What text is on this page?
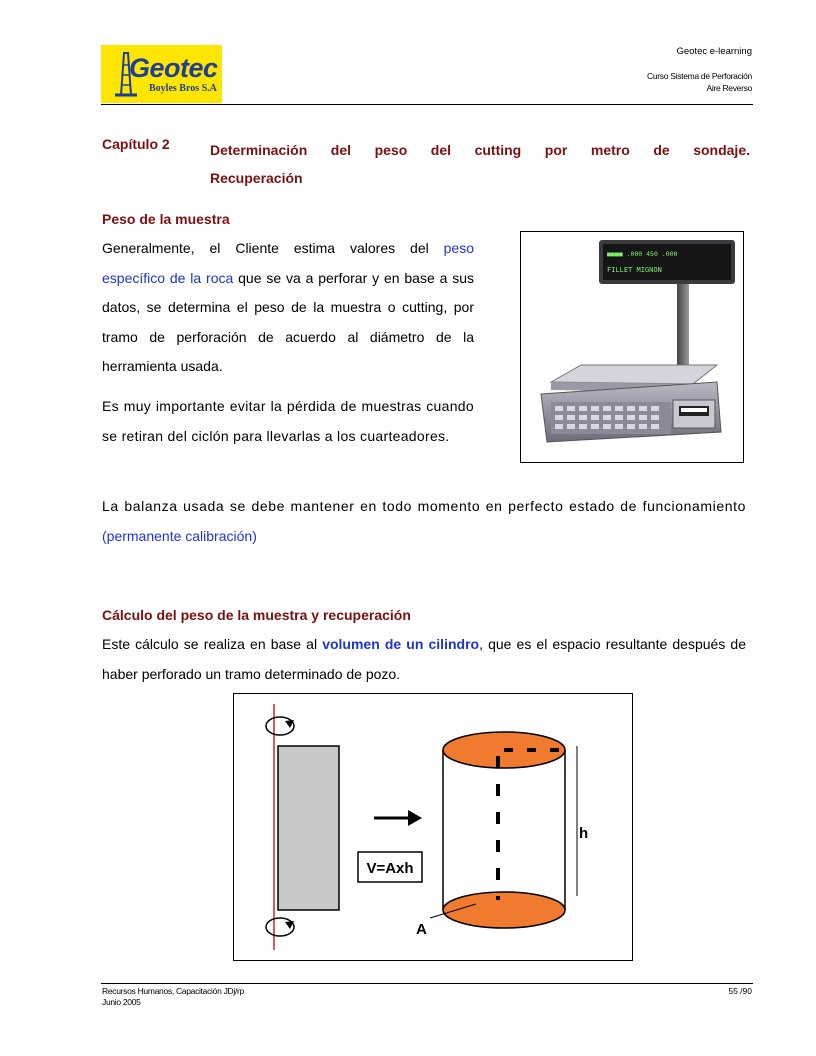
Geotec
Boyles Bros S.A
Geotec e-learning
Curso Sistema de Perforación
Aire Reverso
Capítulo 2	Determinación del peso del cutting por metro de sondaje. Recuperación
Peso de la muestra
Generalmente, el Cliente estima valores del peso específico de la roca que se va a perforar y en base a sus datos, se determina el peso de la muestra o cutting, por tramo de perforación de acuerdo al diámetro de la herramienta usada.
Es muy importante evitar la pérdida de muestras cuando se retiran del ciclón para llevarlas a los cuarteadores.
La balanza usada se debe mantener en todo momento en perfecto estado de funcionamiento (permanente calibración)
■■■■ .000 450 .000
FILLET MIGNON
Cálculo del peso de la muestra y recuperación
Este cálculo se realiza en base al volumen de un cilindro, que es el espacio resultante después de haber perforado un tramo determinado de pozo.
V=Axh
h
A
Recursos Humanos, Capacitación JDj/rp
Junio 2005
55 /90
